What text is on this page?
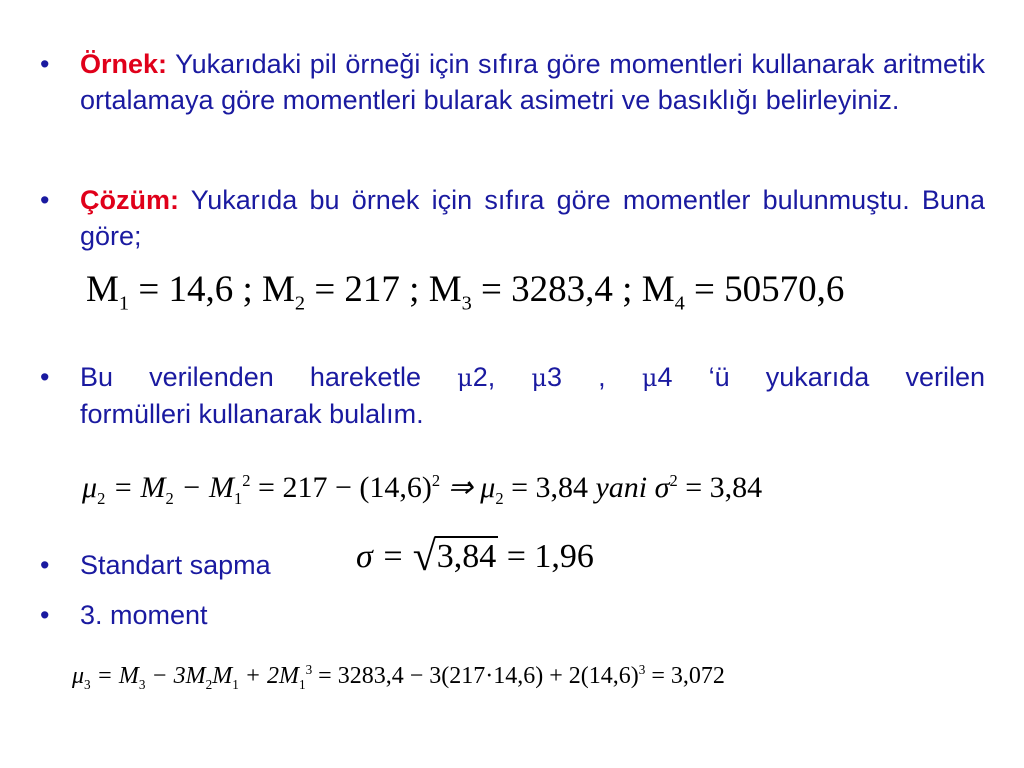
•	Örnek: Yukarıdaki pil örneği için sıfıra göre momentleri kullanarak aritmetik ortalamaya göre momentleri bularak asimetri ve basıklığı belirleyiniz.
•	Çözüm: Yukarıda bu örnek için sıfıra göre momentler bulunmuştu. Buna göre;
$M_1 = 14,6$ ; $M_2 = 217$ ; $M_3 = 3283,4$ ; $M_4 = 50570,6$
•	Bu verilenden hareketle μ2, μ3 , μ4 ‘ü yukarıda verilen
formülleri kullanarak bulalım.
$\mu_2 = M_2 - M_1^2 = 217 - (14,6)^2$ ⇒ $\mu_2 = 3,84$ yani $\sigma^2 = 3,84$
•	Standart sapma	σ = √ 3,84 = 1,96
•	3. moment
$\mu_3 = M_3 - 3M_2M_1 + 2M_1^3 = 3283,4 - 3(217\cdot 14,6) + 2(14,6)^3 = 3,072$
